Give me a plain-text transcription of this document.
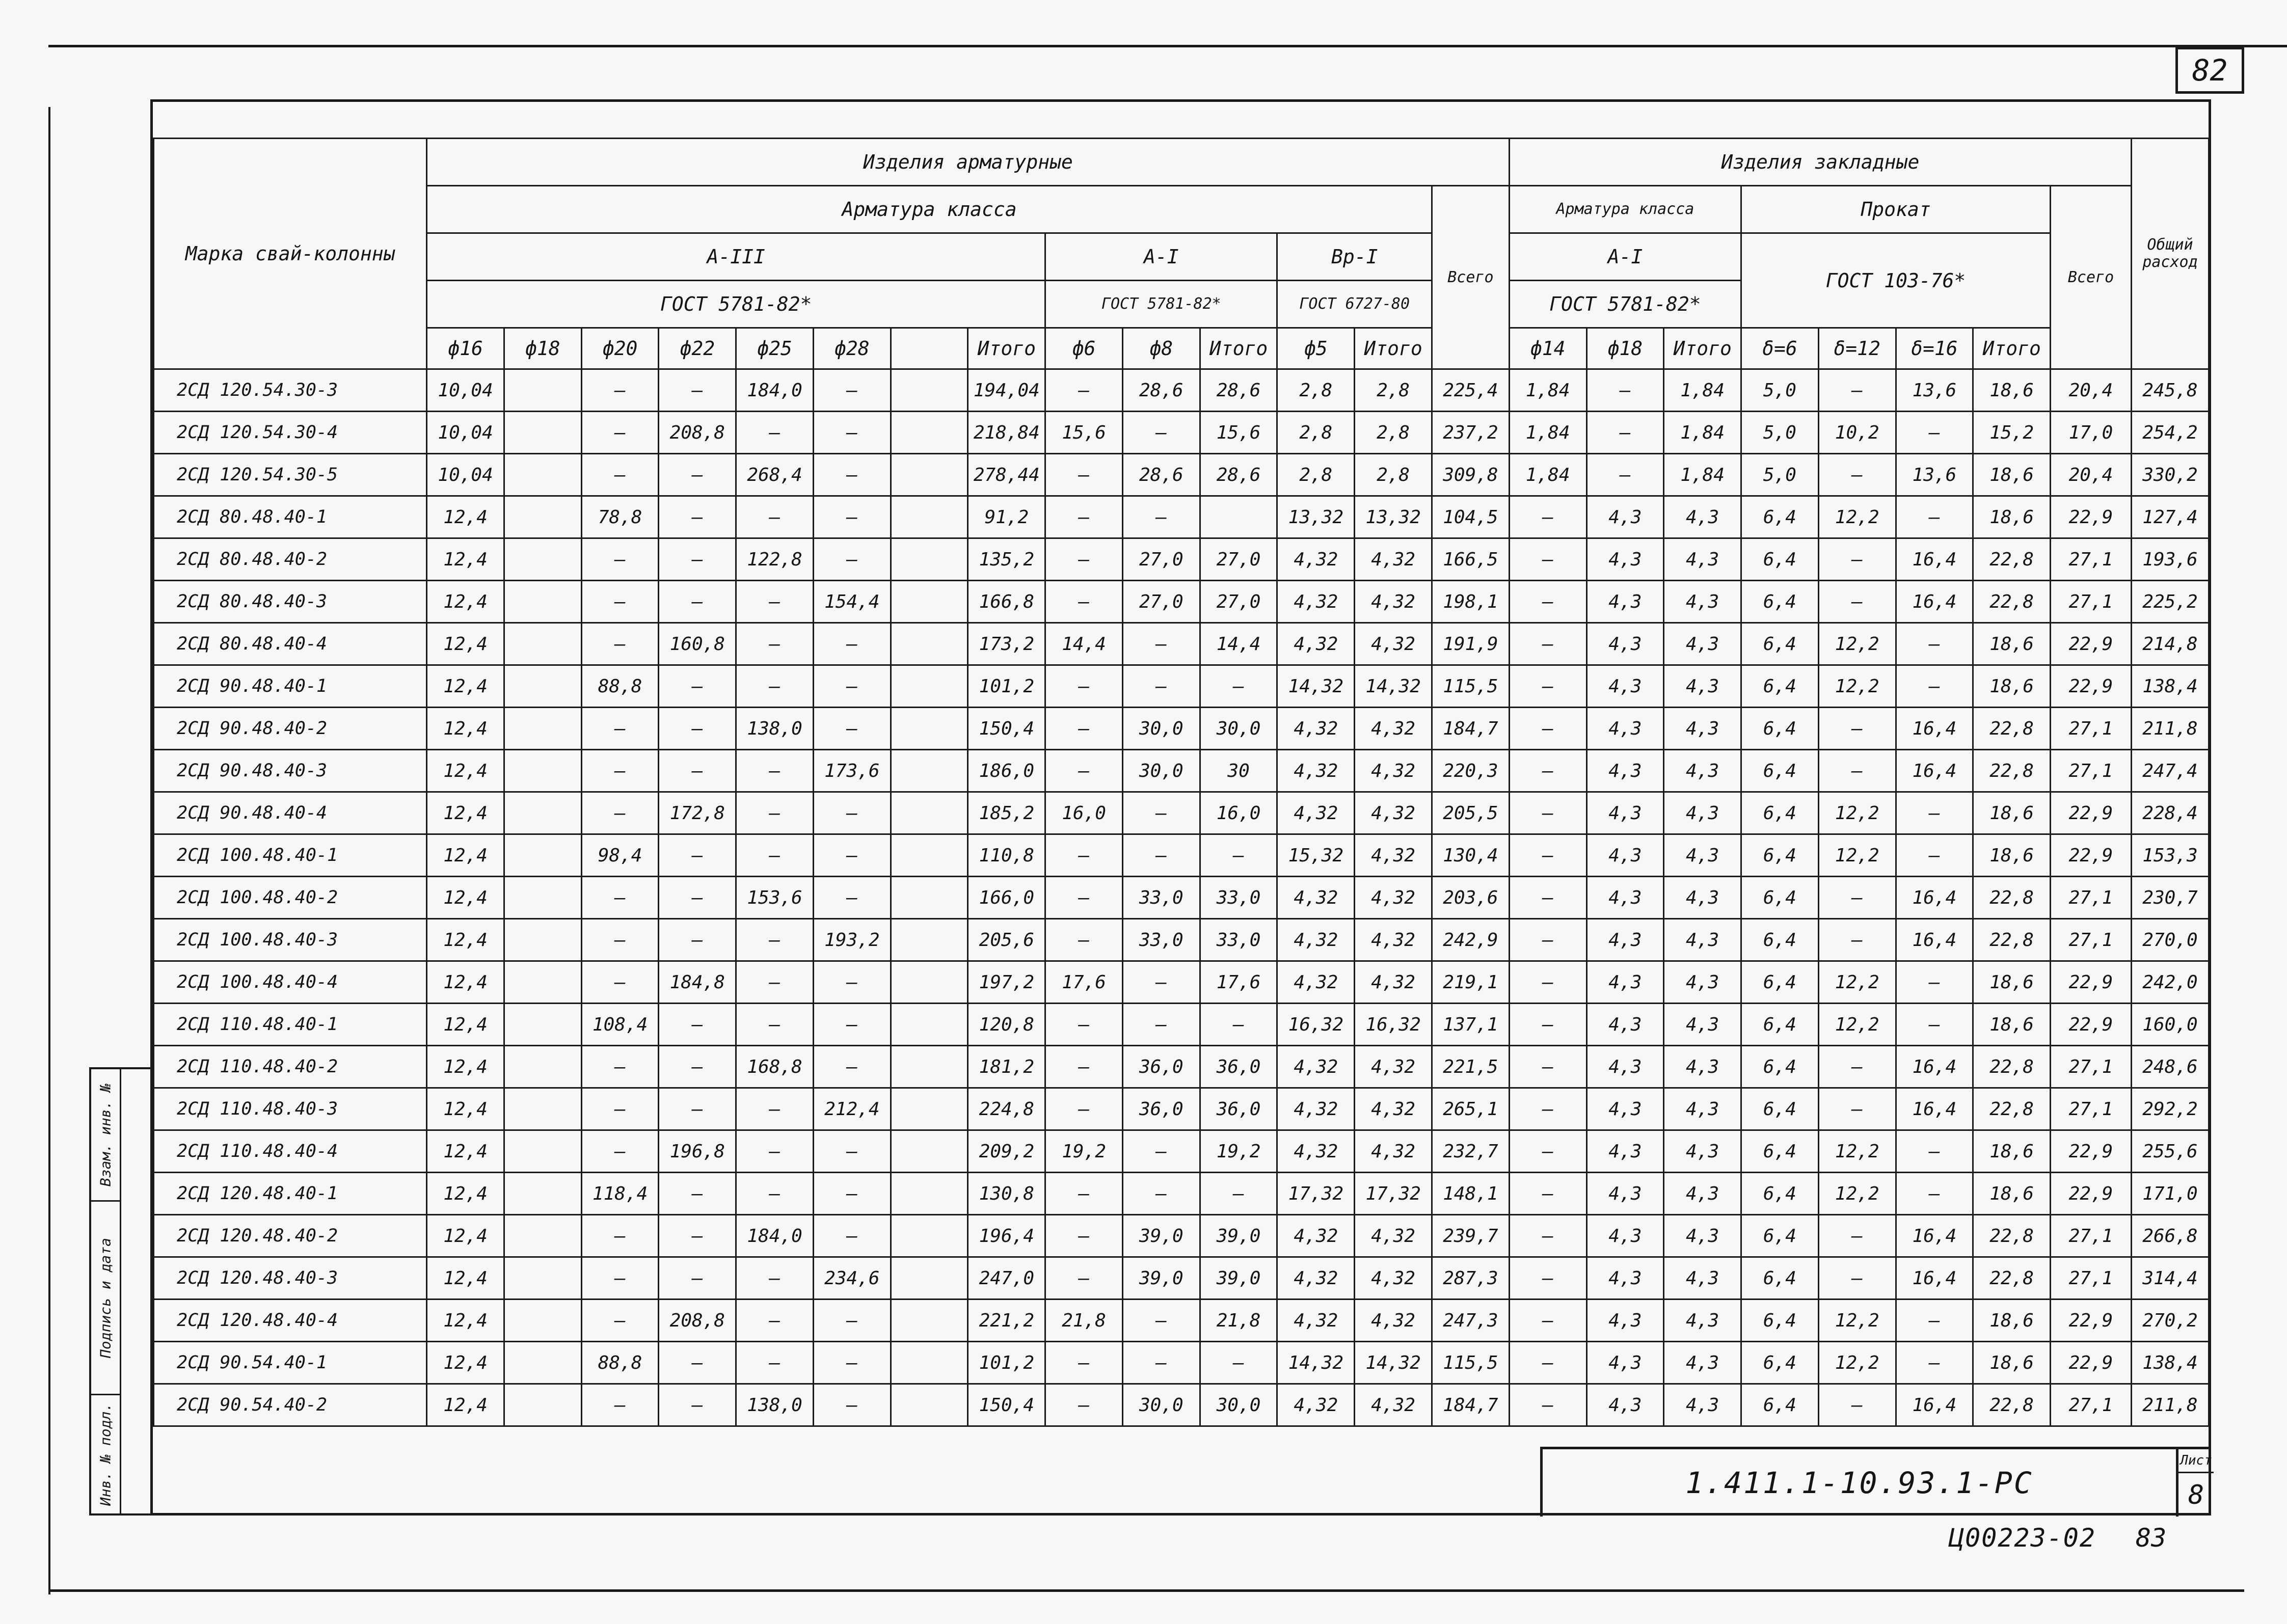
82
Марка свай-колонны	Изделия арматурные														Изделия закладные								Общий расход
	Арматура класса													Всего	Арматура класса			Прокат				Всего	
	А-III								А-I			Вр-I			А-I			ГОСТ 103-76*					
	ГОСТ 5781-82*								ГОСТ 5781-82*			ГОСТ 6727-80			ГОСТ 5781-82*								
	ф16	ф18	ф20	ф22	ф25	ф28		Итого	ф6	ф8	Итого	ф5	Итого		ф14	ф18	Итого	δ=6	δ=12	δ=16	Итого		
2СД 120.54.30-3	10,04		–	–	184,0	–		194,04	–	28,6	28,6	2,8	2,8	225,4	1,84	–	1,84	5,0	–	13,6	18,6	20,4	245,8
2СД 120.54.30-4	10,04		–	208,8	–	–		218,84	15,6	–	15,6	2,8	2,8	237,2	1,84	–	1,84	5,0	10,2	–	15,2	17,0	254,2
2СД 120.54.30-5	10,04		–	–	268,4	–		278,44	–	28,6	28,6	2,8	2,8	309,8	1,84	–	1,84	5,0	–	13,6	18,6	20,4	330,2
2СД 80.48.40-1	12,4		78,8	–	–	–		91,2	–	–		13,32	13,32	104,5	–	4,3	4,3	6,4	12,2	–	18,6	22,9	127,4
2СД 80.48.40-2	12,4		–	–	122,8	–		135,2	–	27,0	27,0	4,32	4,32	166,5	–	4,3	4,3	6,4	–	16,4	22,8	27,1	193,6
2СД 80.48.40-3	12,4		–	–	–	154,4		166,8	–	27,0	27,0	4,32	4,32	198,1	–	4,3	4,3	6,4	–	16,4	22,8	27,1	225,2
2СД 80.48.40-4	12,4		–	160,8	–	–		173,2	14,4	–	14,4	4,32	4,32	191,9	–	4,3	4,3	6,4	12,2	–	18,6	22,9	214,8
2СД 90.48.40-1	12,4		88,8	–	–	–		101,2	–	–	–	14,32	14,32	115,5	–	4,3	4,3	6,4	12,2	–	18,6	22,9	138,4
2СД 90.48.40-2	12,4		–	–	138,0	–		150,4	–	30,0	30,0	4,32	4,32	184,7	–	4,3	4,3	6,4	–	16,4	22,8	27,1	211,8
2СД 90.48.40-3	12,4		–	–	–	173,6		186,0	–	30,0	30	4,32	4,32	220,3	–	4,3	4,3	6,4	–	16,4	22,8	27,1	247,4
2СД 90.48.40-4	12,4		–	172,8	–	–		185,2	16,0	–	16,0	4,32	4,32	205,5	–	4,3	4,3	6,4	12,2	–	18,6	22,9	228,4
2СД 100.48.40-1	12,4		98,4	–	–	–		110,8	–	–	–	15,32	4,32	130,4	–	4,3	4,3	6,4	12,2	–	18,6	22,9	153,3
2СД 100.48.40-2	12,4		–	–	153,6	–		166,0	–	33,0	33,0	4,32	4,32	203,6	–	4,3	4,3	6,4	–	16,4	22,8	27,1	230,7
2СД 100.48.40-3	12,4		–	–	–	193,2		205,6	–	33,0	33,0	4,32	4,32	242,9	–	4,3	4,3	6,4	–	16,4	22,8	27,1	270,0
2СД 100.48.40-4	12,4		–	184,8	–	–		197,2	17,6	–	17,6	4,32	4,32	219,1	–	4,3	4,3	6,4	12,2	–	18,6	22,9	242,0
2СД 110.48.40-1	12,4		108,4	–	–	–		120,8	–	–	–	16,32	16,32	137,1	–	4,3	4,3	6,4	12,2	–	18,6	22,9	160,0
2СД 110.48.40-2	12,4		–	–	168,8	–		181,2	–	36,0	36,0	4,32	4,32	221,5	–	4,3	4,3	6,4	–	16,4	22,8	27,1	248,6
2СД 110.48.40-3	12,4		–	–	–	212,4		224,8	–	36,0	36,0	4,32	4,32	265,1	–	4,3	4,3	6,4	–	16,4	22,8	27,1	292,2
2СД 110.48.40-4	12,4		–	196,8	–	–		209,2	19,2	–	19,2	4,32	4,32	232,7	–	4,3	4,3	6,4	12,2	–	18,6	22,9	255,6
2СД 120.48.40-1	12,4		118,4	–	–	–		130,8	–	–	–	17,32	17,32	148,1	–	4,3	4,3	6,4	12,2	–	18,6	22,9	171,0
2СД 120.48.40-2	12,4		–	–	184,0	–		196,4	–	39,0	39,0	4,32	4,32	239,7	–	4,3	4,3	6,4	–	16,4	22,8	27,1	266,8
2СД 120.48.40-3	12,4		–	–	–	234,6		247,0	–	39,0	39,0	4,32	4,32	287,3	–	4,3	4,3	6,4	–	16,4	22,8	27,1	314,4
2СД 120.48.40-4	12,4		–	208,8	–	–		221,2	21,8	–	21,8	4,32	4,32	247,3	–	4,3	4,3	6,4	12,2	–	18,6	22,9	270,2
2СД 90.54.40-1	12,4		88,8	–	–	–		101,2	–	–	–	14,32	14,32	115,5	–	4,3	4,3	6,4	12,2	–	18,6	22,9	138,4
2СД 90.54.40-2	12,4		–	–	138,0	–		150,4	–	30,0	30,0	4,32	4,32	184,7	–	4,3	4,3	6,4	–	16,4	22,8	27,1	211,8

Взам. инв. №
Подпись и дата
Инв. № подл.	1.411.1-10.93.1-РС
Лист
8
Ц00223-02 83
